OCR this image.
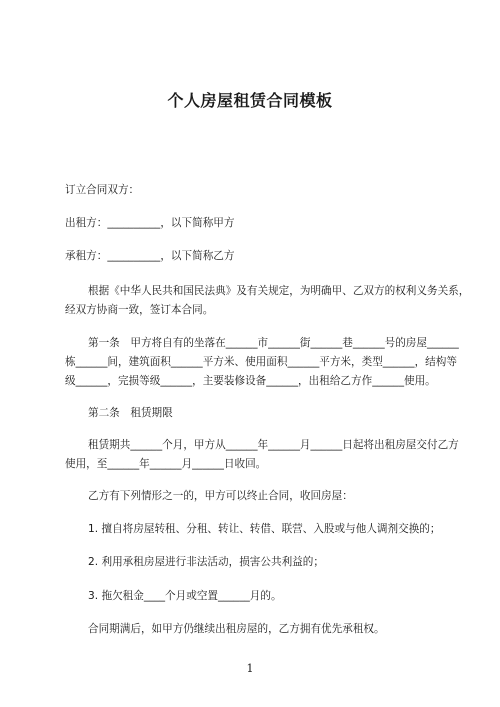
个人房屋租赁合同模板
订立合同双方：
出租方：__________，以下简称甲方
承租方：__________，以下简称乙方
根据《中华人民共和国民法典》及有关规定，为明确甲、乙双方的权利义务关系，
经双方协商一致，签订本合同。
第一条　甲方将自有的坐落在______市______街______巷______号的房屋______
栋______间，建筑面积______平方米、使用面积______平方米，类型______，结构等
级______，完损等级______，主要装修设备______，出租给乙方作______使用。
第二条　租赁期限
租赁期共______个月，甲方从______年______月______日起将出租房屋交付乙方
使用，至______年______月______日收回。
乙方有下列情形之一的，甲方可以终止合同，收回房屋：
1. 擅自将房屋转租、分租、转让、转借、联营、入股或与他人调剂交换的；
2. 利用承租房屋进行非法活动，损害公共利益的；
3. 拖欠租金____个月或空置______月的。
合同期满后，如甲方仍继续出租房屋的，乙方拥有优先承租权。
1
